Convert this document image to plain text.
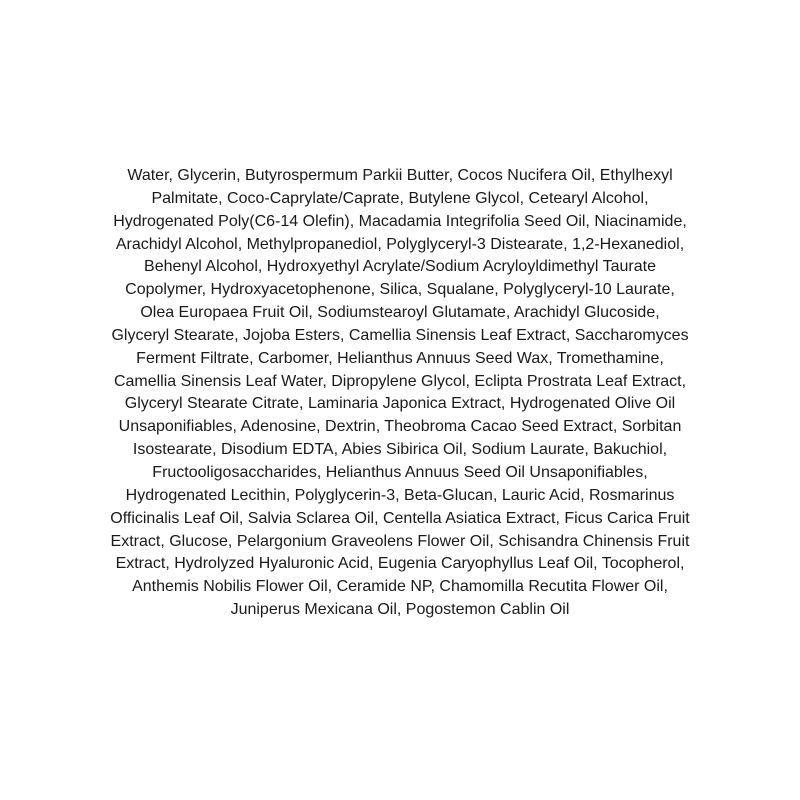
Water, Glycerin, Butyrospermum Parkii Butter, Cocos Nucifera Oil, Ethylhexyl
Palmitate, Coco-Caprylate/Caprate, Butylene Glycol, Cetearyl Alcohol,
Hydrogenated Poly(C6-14 Olefin), Macadamia Integrifolia Seed Oil, Niacinamide,
Arachidyl Alcohol, Methylpropanediol, Polyglyceryl-3 Distearate, 1,2-Hexanediol,
Behenyl Alcohol, Hydroxyethyl Acrylate/Sodium Acryloyldimethyl Taurate
Copolymer, Hydroxyacetophenone, Silica, Squalane, Polyglyceryl-10 Laurate,
Olea Europaea Fruit Oil, Sodiumstearoyl Glutamate, Arachidyl Glucoside,
Glyceryl Stearate, Jojoba Esters, Camellia Sinensis Leaf Extract, Saccharomyces
Ferment Filtrate, Carbomer, Helianthus Annuus Seed Wax, Tromethamine,
Camellia Sinensis Leaf Water, Dipropylene Glycol, Eclipta Prostrata Leaf Extract,
Glyceryl Stearate Citrate, Laminaria Japonica Extract, Hydrogenated Olive Oil
Unsaponifiables, Adenosine, Dextrin, Theobroma Cacao Seed Extract, Sorbitan
Isostearate, Disodium EDTA, Abies Sibirica Oil, Sodium Laurate, Bakuchiol,
Fructooligosaccharides, Helianthus Annuus Seed Oil Unsaponifiables,
Hydrogenated Lecithin, Polyglycerin-3, Beta-Glucan, Lauric Acid, Rosmarinus
Officinalis Leaf Oil, Salvia Sclarea Oil, Centella Asiatica Extract, Ficus Carica Fruit
Extract, Glucose, Pelargonium Graveolens Flower Oil, Schisandra Chinensis Fruit
Extract, Hydrolyzed Hyaluronic Acid, Eugenia Caryophyllus Leaf Oil, Tocopherol,
Anthemis Nobilis Flower Oil, Ceramide NP, Chamomilla Recutita Flower Oil,
Juniperus Mexicana Oil, Pogostemon Cablin Oil
